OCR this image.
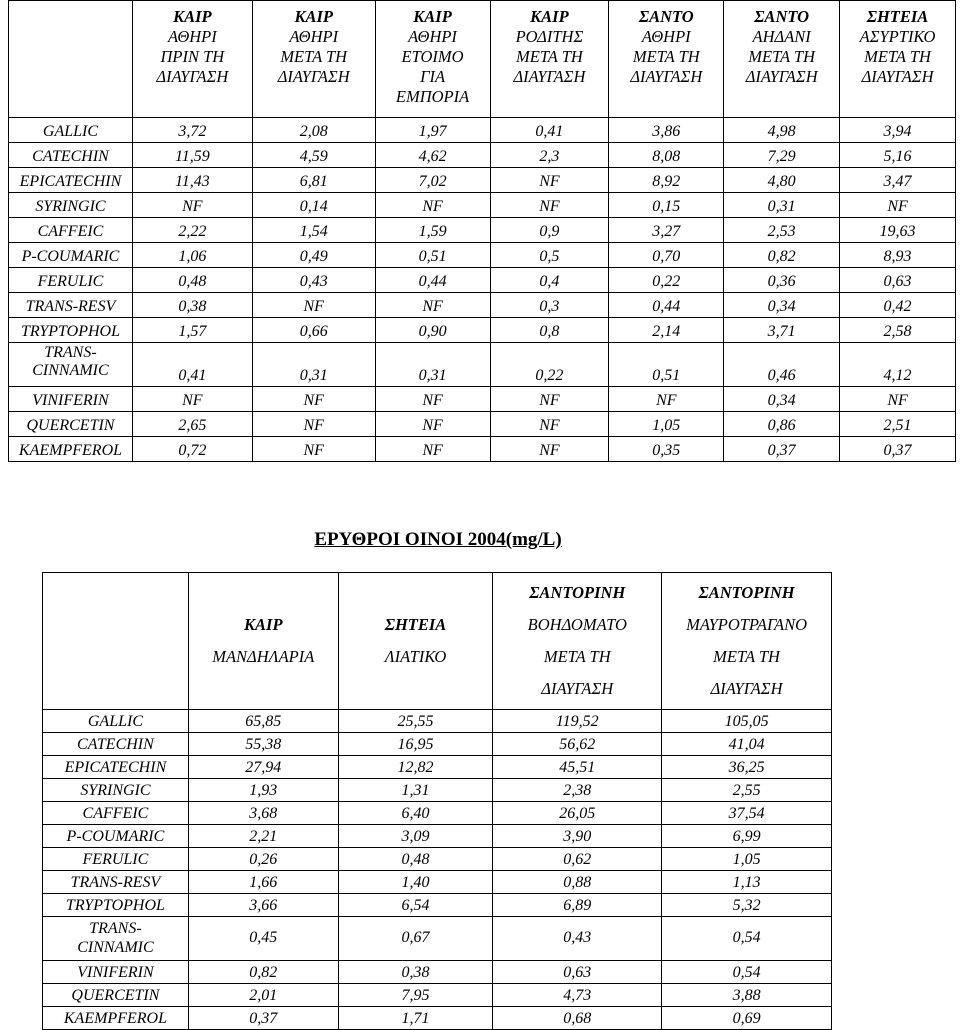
	ΚΑΙΡ
ΑΘΗΡΙ
ΠΡΙΝ ΤΗ
ΔΙΑΥΓΑΣΗ	ΚΑΙΡ
ΑΘΗΡΙ
ΜΕΤΑ ΤΗ
ΔΙΑΥΓΑΣΗ	ΚΑΙΡ
ΑΘΗΡΙ
ΕΤΟΙΜΟ
ΓΙΑ
ΕΜΠΟΡΙΑ	ΚΑΙΡ
ΡΟΔΙΤΗΣ
ΜΕΤΑ ΤΗ
ΔΙΑΥΓΑΣΗ	ΣΑΝΤΟ
ΑΘΗΡΙ
ΜΕΤΑ ΤΗ
ΔΙΑΥΓΑΣΗ	ΣΑΝΤΟ
ΑΗΔΑΝΙ
ΜΕΤΑ ΤΗ
ΔΙΑΥΓΑΣΗ	ΣΗΤΕΙΑ
ΑΣΥΡΤΙΚΟ
ΜΕΤΑ ΤΗ
ΔΙΑΥΓΑΣΗ

GALLIC	3,72	2,08	1,97	0,41	3,86	4,98	3,94
CATECHIN	11,59	4,59	4,62	2,3	8,08	7,29	5,16
EPICATECHIN	11,43	6,81	7,02	NF	8,92	4,80	3,47
SYRINGIC	NF	0,14	NF	NF	0,15	0,31	NF
CAFFEIC	2,22	1,54	1,59	0,9	3,27	2,53	19,63
P-COUMARIC	1,06	0,49	0,51	0,5	0,70	0,82	8,93
FERULIC	0,48	0,43	0,44	0,4	0,22	0,36	0,63
TRANS-RESV	0,38	NF	NF	0,3	0,44	0,34	0,42
TRYPTOPHOL	1,57	0,66	0,90	0,8	2,14	3,71	2,58
TRANS-
CINNAMIC	0,41	0,31	0,31	0,22	0,51	0,46	4,12
VINIFERIN	NF	NF	NF	NF	NF	0,34	NF
QUERCETIN	2,65	NF	NF	NF	1,05	0,86	2,51
KAEMPFEROL	0,72	NF	NF	NF	0,35	0,37	0,37
ΕΡΥΘΡΟΙ ΟΙΝΟΙ 2004(mg/L)

	ΚΑΙΡ
ΜΑΝΔΗΛΑΡΙΑ	ΣΗΤΕΙΑ
ΛΙΑΤΙΚΟ	ΣΑΝΤΟΡΙΝΗ
ΒΟΗΔΟΜΑΤΟ
ΜΕΤΑ ΤΗ
ΔΙΑΥΓΑΣΗ	ΣΑΝΤΟΡΙΝΗ
ΜΑΥΡΟΤΡΑΓΑΝΟ
ΜΕΤΑ ΤΗ
ΔΙΑΥΓΑΣΗ

GALLIC	65,85	25,55	119,52	105,05
CATECHIN	55,38	16,95	56,62	41,04
EPICATECHIN	27,94	12,82	45,51	36,25
SYRINGIC	1,93	1,31	2,38	2,55
CAFFEIC	3,68	6,40	26,05	37,54
P-COUMARIC	2,21	3,09	3,90	6,99
FERULIC	0,26	0,48	0,62	1,05
TRANS-RESV	1,66	1,40	0,88	1,13
TRYPTOPHOL	3,66	6,54	6,89	5,32
TRANS-
CINNAMIC	0,45	0,67	0,43	0,54
VINIFERIN	0,82	0,38	0,63	0,54
QUERCETIN	2,01	7,95	4,73	3,88
KAEMPFEROL	0,37	1,71	0,68	0,69
